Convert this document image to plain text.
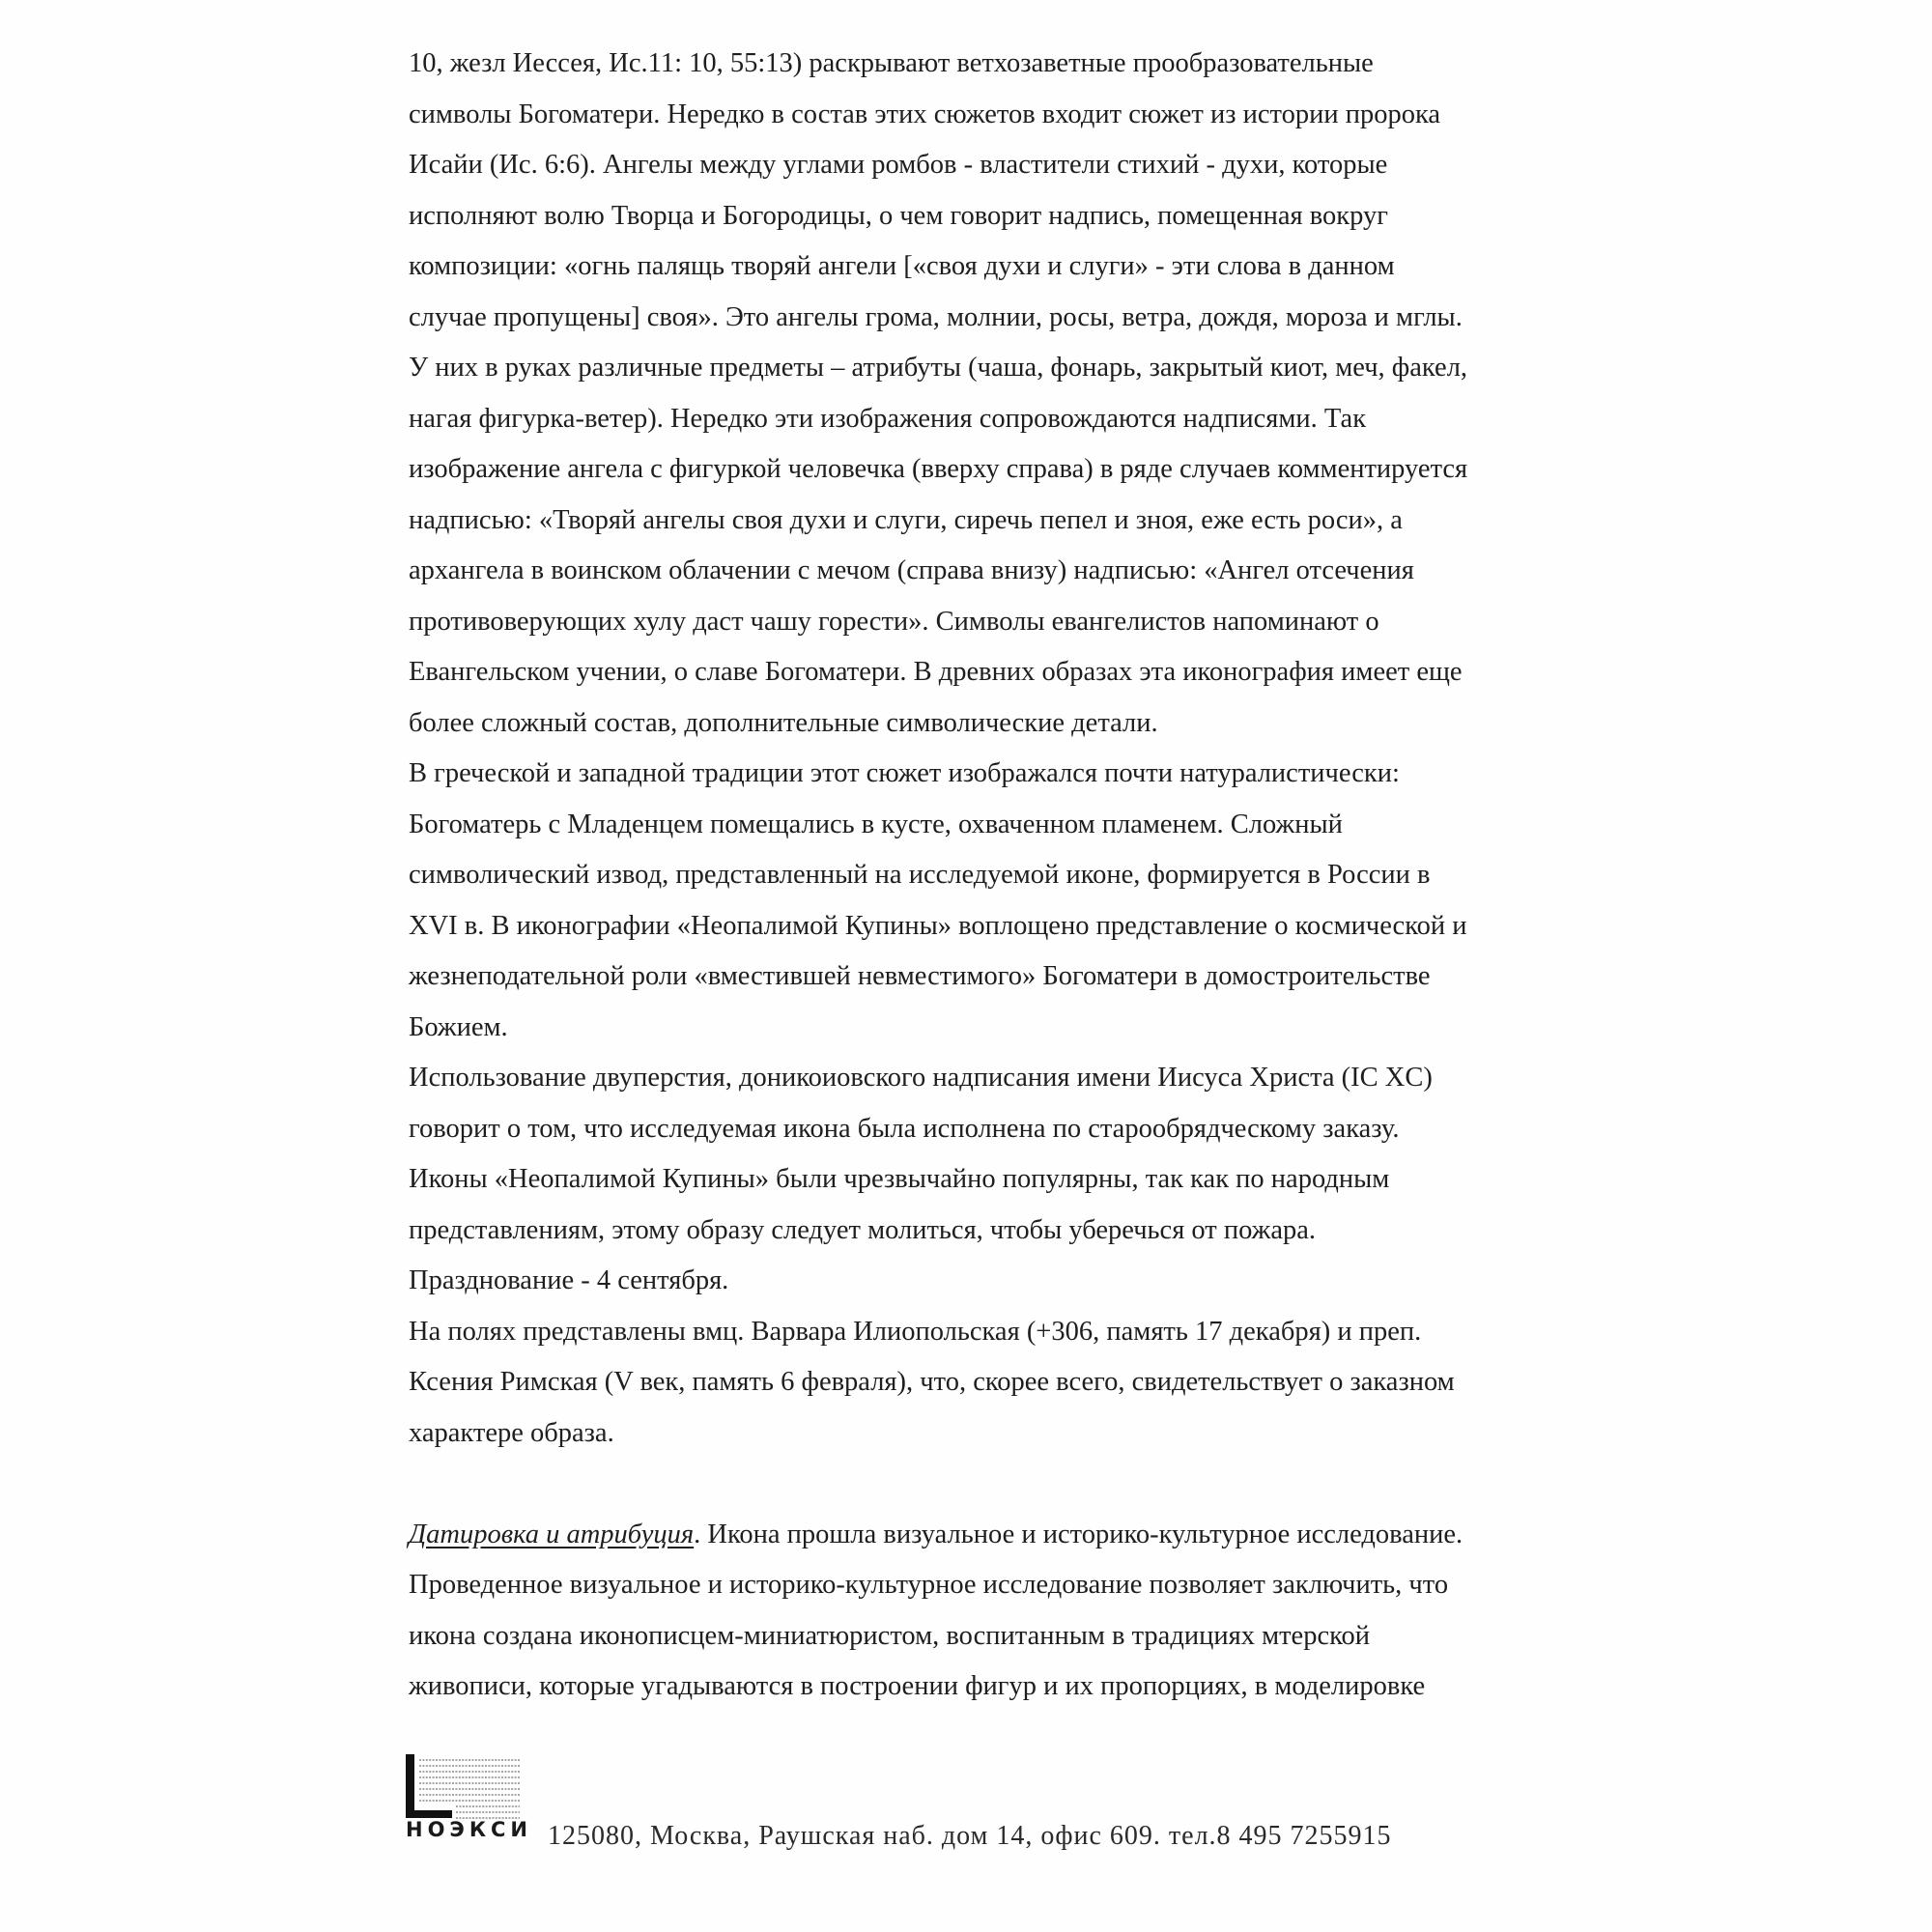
10, жезл Иессея, Ис.11: 10, 55:13) раскрывают ветхозаветные прообразовательные
символы Богоматери. Нередко в состав этих сюжетов входит сюжет из истории пророка
Исайи (Ис. 6:6). Ангелы между углами ромбов - властители стихий - духи, которые
исполняют волю Творца и Богородицы, о чем говорит надпись, помещенная вокруг
композиции: «огнь палящь творяй ангели [«своя духи и слуги» - эти слова в данном
случае пропущены] своя». Это ангелы грома, молнии, росы, ветра, дождя, мороза и мглы.
У них в руках различные предметы – атрибуты (чаша, фонарь, закрытый киот, меч, факел,
нагая фигурка-ветер). Нередко эти изображения сопровождаются надписями. Так
изображение ангела с фигуркой человечка (вверху справа) в ряде случаев комментируется
надписью: «Творяй ангелы своя духи и слуги, сиречь пепел и зноя, еже есть роси», а
архангела в воинском облачении с мечом (справа внизу) надписью: «Ангел отсечения
противоверующих хулу даст чашу горести». Символы евангелистов напоминают о
Евангельском учении, о славе Богоматери. В древних образах эта иконография имеет еще
более сложный состав, дополнительные символические детали.
В греческой и западной традиции этот сюжет изображался почти натуралистически:
Богоматерь с Младенцем помещались в кусте, охваченном пламенем. Сложный
символический извод, представленный на исследуемой иконе, формируется в России в
XVI в. В иконографии «Неопалимой Купины» воплощено представление о космической и
жезнеподательной роли «вместившей невместимого» Богоматери в домостроительстве
Божием.
Использование двуперстия, доникоиовского надписания имени Иисуса Христа (IC XC)
говорит о том, что исследуемая икона была исполнена по старообрядческому заказу.
Иконы «Неопалимой Купины» были чрезвычайно популярны, так как по народным
представлениям, этому образу следует молиться, чтобы уберечься от пожара.
Празднование - 4 сентября.
На полях представлены вмц. Варвара Илиопольская (+306, память 17 декабря) и преп.
Ксения Римская (V век, память 6 февраля), что, скорее всего, свидетельствует о заказном
характере образа.
Датировка и атрибуция. Икона прошла визуальное и историко-культурное исследование.
Проведенное визуальное и историко-культурное исследование позволяет заключить, что
икона создана иконописцем-миниатюристом, воспитанным в традициях мтерской
живописи, которые угадываются в построении фигур и их пропорциях, в моделировке
НОЭКСИ 125080, Москва, Раушская наб. дом 14, офис 609. тел.8 495 7255915
